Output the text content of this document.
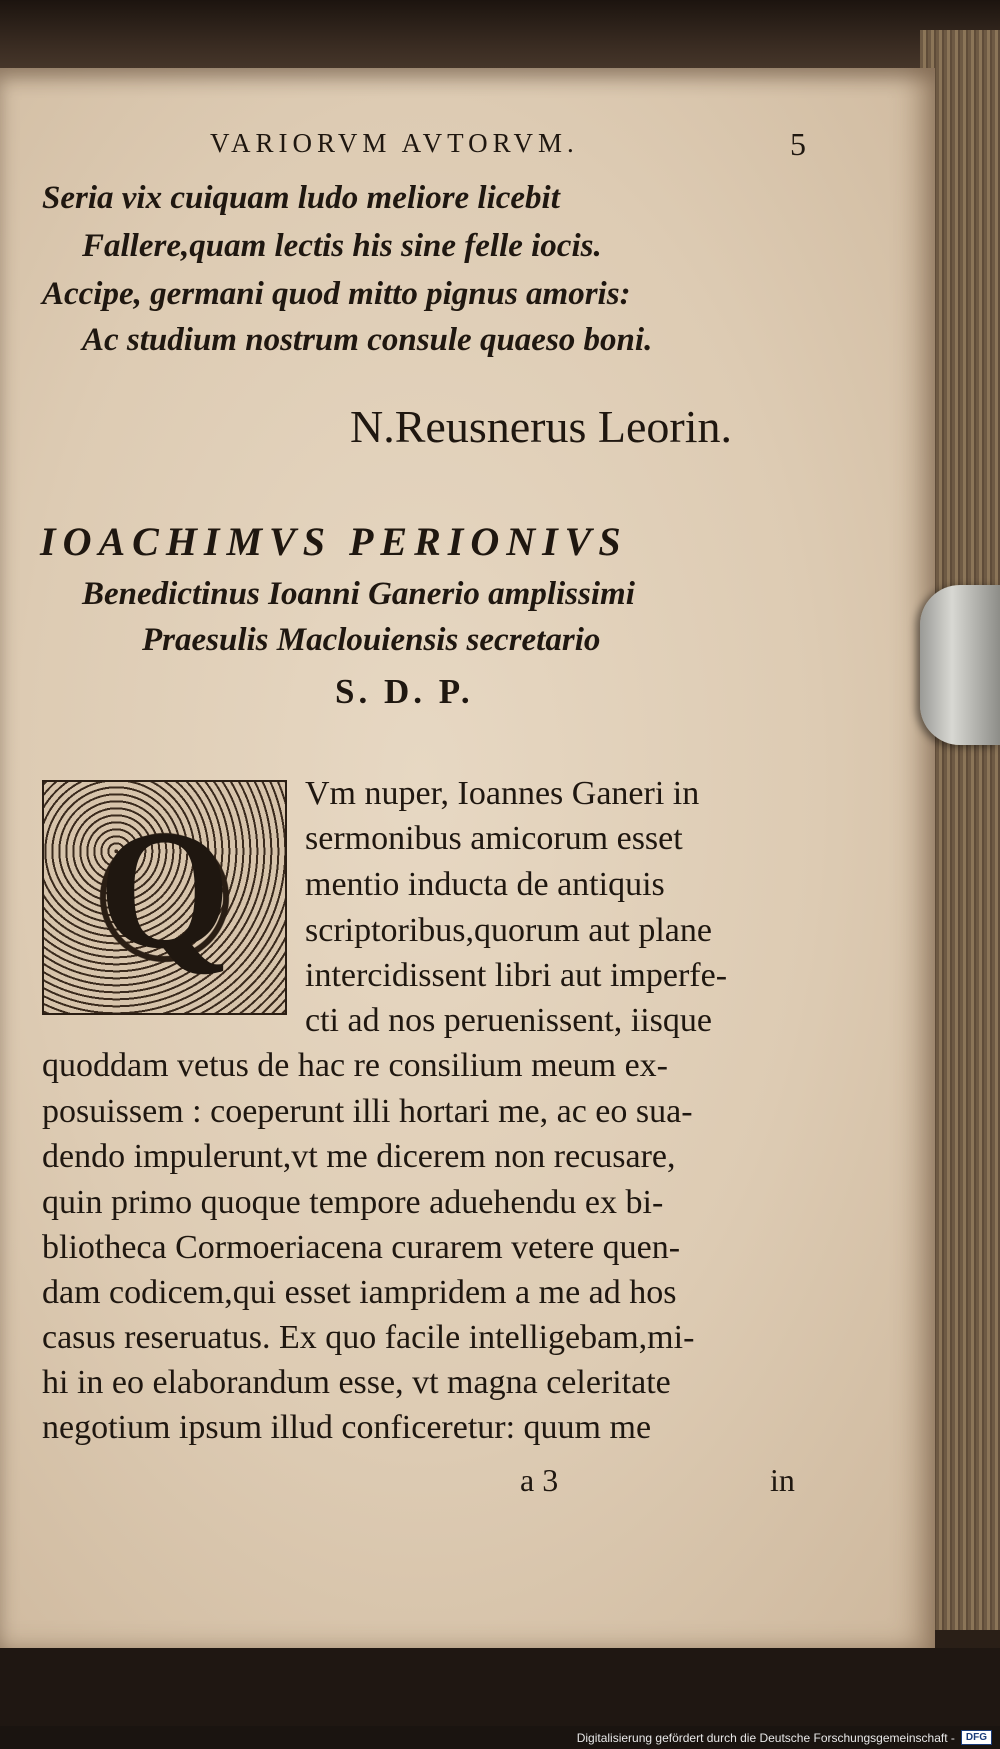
VARIORVM AVTORVM.	5
Seria vix cuiquam ludo meliore licebit
Fallere,quam lectis his sine felle iocis.
Accipe, germani quod mitto pignus amoris:
Ac studium nostrum consule quaeso boni.
N.Reusnerus Leorin.
IOACHIMVS PERIONIVS
Benedictinus Ioanni Ganerio amplissimi
Praesulis Maclouiensis secretario
S. D. P.
Q
Vm nuper, Ioannes Ganeri in
sermonibus amicorum esset
mentio inducta de antiquis
scriptoribus,quorum aut plane
intercidissent libri aut imperfe-
cti ad nos peruenissent, iisque
quoddam vetus de hac re consilium meum ex-
posuissem : coeperunt illi hortari me, ac eo sua-
dendo impulerunt,vt me dicerem non recusare,
quin primo quoque tempore aduehendu ex bi-
bliotheca Cormoeriacena curarem vetere quen-
dam codicem,qui esset iampridem a me ad hos
casus reseruatus. Ex quo facile intelligebam,mi-
hi in eo elaborandum esse, vt magna celeritate
negotium ipsum illud conficeretur: quum me
a 3	in
Digitalisierung gefördert durch die Deutsche Forschungsgemeinschaft -	DFG
